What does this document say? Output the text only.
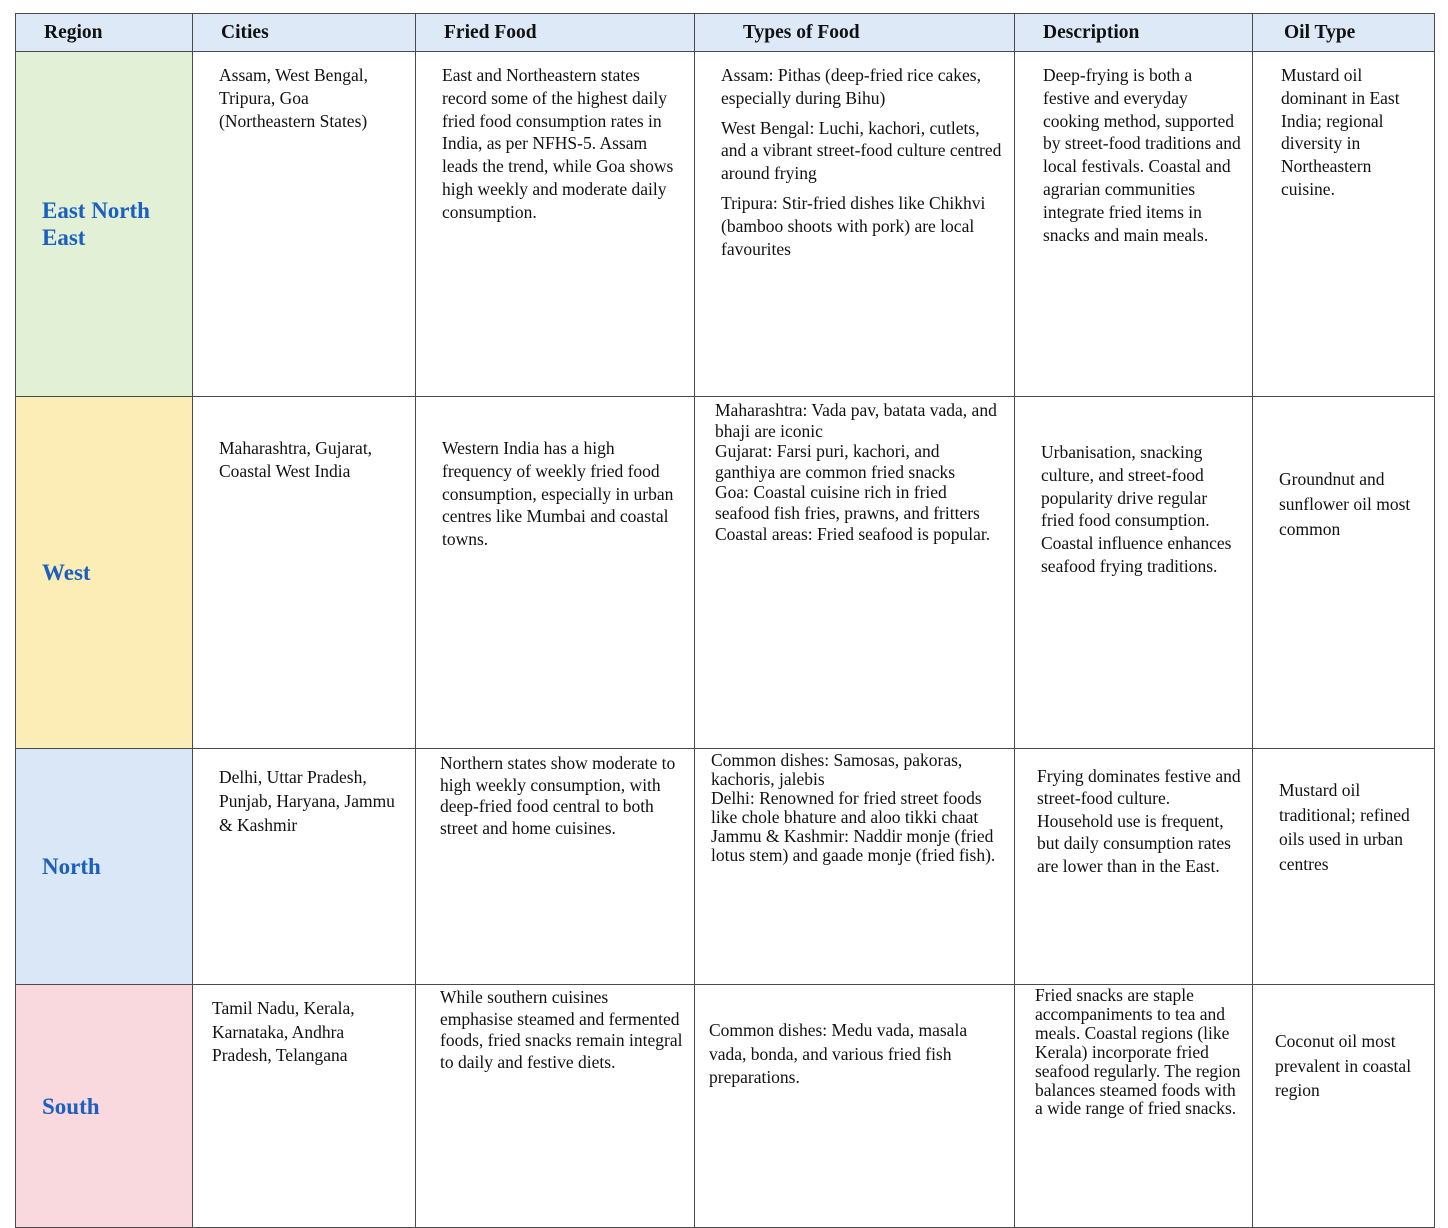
Region	Cities	Fried Food	Types of Food	Description	Oil Type
East North East	Assam, West Bengal, Tripura, Goa (Northeastern States)	East and Northeastern states record some of the highest daily fried food consumption rates in India, as per NFHS-5. Assam leads the trend, while Goa shows high weekly and moderate daily consumption.	Assam: Pithas (deep-fried rice cakes, especially during Bihu)
West Bengal: Luchi, kachori, cutlets, and a vibrant street-food culture centred around frying
Tripura: Stir-fried dishes like Chikhvi (bamboo shoots with pork) are local favourites	Deep-frying is both a festive and everyday cooking method, supported by street-food traditions and local festivals. Coastal and agrarian communities integrate fried items in snacks and main meals.	Mustard oil dominant in East India; regional diversity in Northeastern cuisine.
West	Maharashtra, Gujarat, Coastal West India	Western India has a high frequency of weekly fried food consumption, especially in urban centres like Mumbai and coastal towns.	Maharashtra: Vada pav, batata vada, and bhaji are iconic
Gujarat: Farsi puri, kachori, and ganthiya are common fried snacks
Goa: Coastal cuisine rich in fried seafood fish fries, prawns, and fritters
Coastal areas: Fried seafood is popular.	Urbanisation, snacking culture, and street-food popularity drive regular fried food consumption. Coastal influence enhances seafood frying traditions.	Groundnut and sunflower oil most common
North	Delhi, Uttar Pradesh, Punjab, Haryana, Jammu & Kashmir	Northern states show moderate to high weekly consumption, with deep-fried food central to both street and home cuisines.	Common dishes: Samosas, pakoras, kachoris, jalebis
Delhi: Renowned for fried street foods like chole bhature and aloo tikki chaat
Jammu & Kashmir: Naddir monje (fried lotus stem) and gaade monje (fried fish).	Frying dominates festive and street-food culture. Household use is frequent, but daily consumption rates are lower than in the East.	Mustard oil traditional; refined oils used in urban centres
South	Tamil Nadu, Kerala, Karnataka, Andhra Pradesh, Telangana	While southern cuisines emphasise steamed and fermented foods, fried snacks remain integral to daily and festive diets.	Common dishes: Medu vada, masala vada, bonda, and various fried fish preparations.	Fried snacks are staple accompaniments to tea and meals. Coastal regions (like Kerala) incorporate fried seafood regularly. The region balances steamed foods with a wide range of fried snacks.	Coconut oil most prevalent in coastal region
